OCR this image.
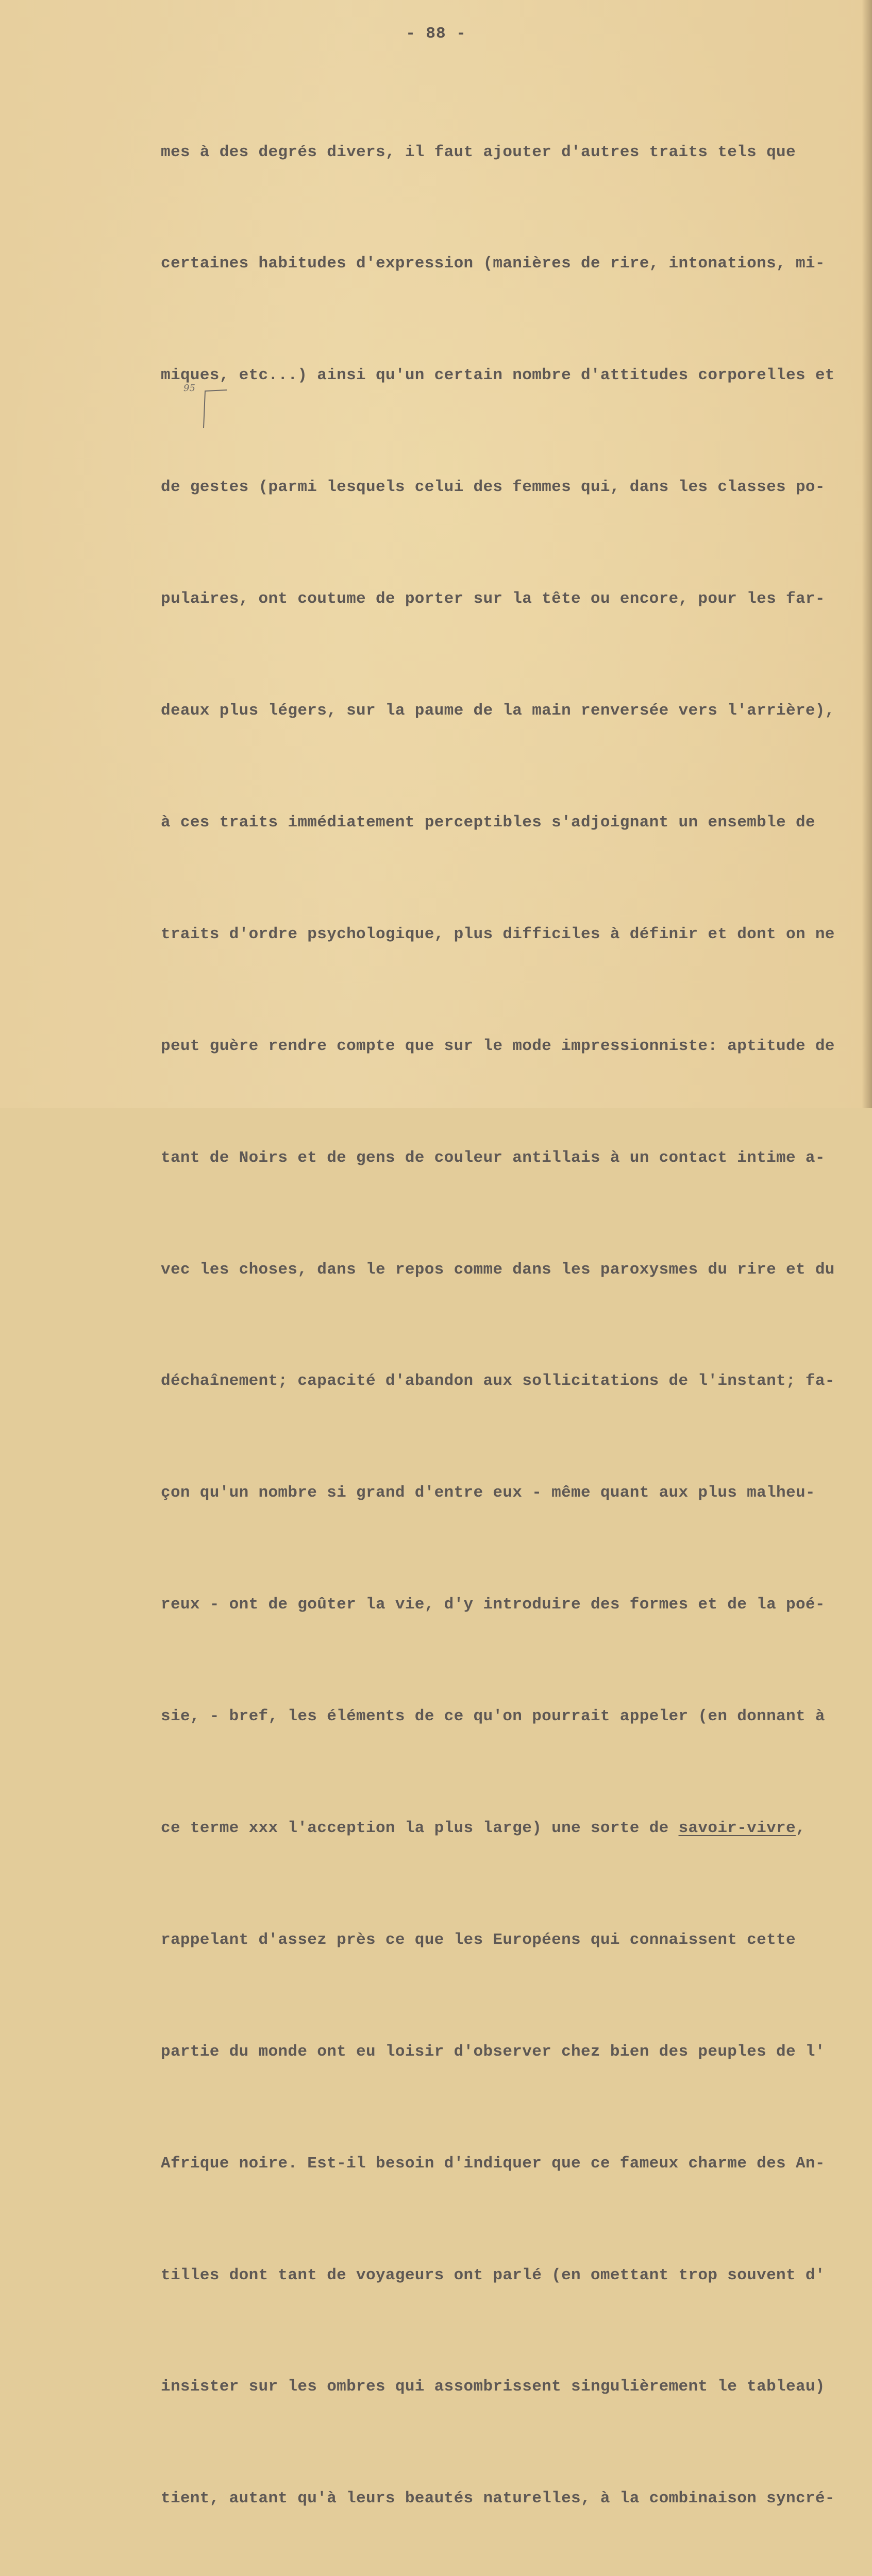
- 88 -
95

mes à des degrés divers, il faut ajouter d'autres traits tels que

certaines habitudes d'expression (manières de rire, intonations, mi-

miques, etc...) ainsi qu'un certain nombre d'attitudes corporelles et

de gestes (parmi lesquels celui des femmes qui, dans les classes po-

pulaires, ont coutume de porter sur la tête ou encore, pour les far-

deaux plus légers, sur la paume de la main renversée vers l'arrière),

à ces traits immédiatement perceptibles s'adjoignant un ensemble de

traits d'ordre psychologique, plus difficiles à définir et dont on ne

peut guère rendre compte que sur le mode impressionniste: aptitude de

tant de Noirs et de gens de couleur antillais à un contact intime a-

vec les choses, dans le repos comme dans les paroxysmes du rire et du

déchaînement; capacité d'abandon aux sollicitations de l'instant; fa-

çon qu'un nombre si grand d'entre eux - même quant aux plus malheu-

reux - ont de goûter la vie, d'y introduire des formes et de la poé-

sie, - bref, les éléments de ce qu'on pourrait appeler (en donnant à

ce terme xxx l'acception la plus large) une sorte de savoir-vivre,

rappelant d'assez près ce que les Européens qui connaissent cette

partie du monde ont eu loisir d'observer chez bien des peuples de l'

Afrique noire. Est-il besoin d'indiquer que ce fameux charme des An-

tilles dont tant de voyageurs ont parlé (en omettant trop souvent d'

insister sur les ombres qui assombrissent singulièrement le tableau)

tient, autant qu'à leurs beautés naturelles, à la combinaison syncré-
